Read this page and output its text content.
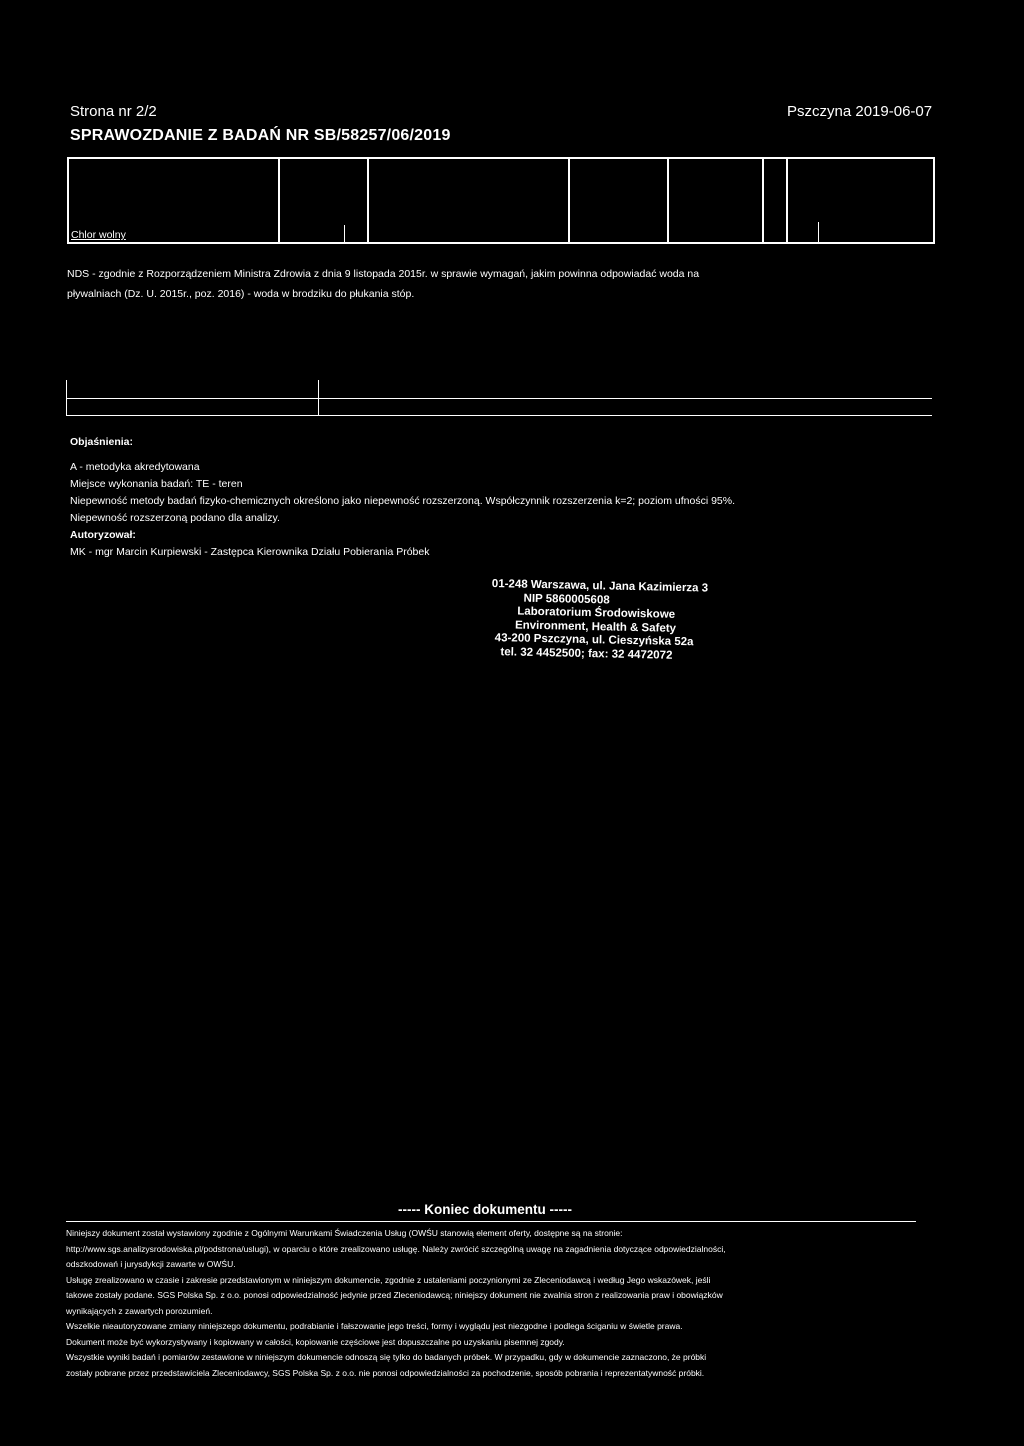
Strona nr 2/2	Pszczyna 2019-06-07
SPRAWOZDANIE Z BADAŃ NR SB/58257/06/2019
Chlor wolny
NDS - zgodnie z Rozporządzeniem Ministra Zdrowia z dnia 9 listopada 2015r. w sprawie wymagań, jakim powinna odpowiadać woda na
pływalniach (Dz. U. 2015r., poz. 2016) - woda w brodziku do płukania stóp.
Objaśnienia:
A - metodyka akredytowana
Miejsce wykonania badań: TE - teren
Niepewność metody badań fizyko-chemicznych określono jako niepewność rozszerzoną. Współczynnik rozszerzenia k=2; poziom ufności 95%.
Niepewność rozszerzoną podano dla analizy.
Autoryzował:
MK - mgr Marcin Kurpiewski - Zastępca Kierownika Działu Pobierania Próbek
01-248 Warszawa, ul. Jana Kazimierza 3
NIP 5860005608
Laboratorium Środowiskowe
Environment, Health & Safety
43-200 Pszczyna, ul. Cieszyńska 52a
tel. 32 4452500; fax: 32 4472072
----- Koniec dokumentu -----
Niniejszy dokument został wystawiony zgodnie z Ogólnymi Warunkami Świadczenia Usług (OWŚU stanowią element oferty, dostępne są na stronie:
http://www.sgs.analizysrodowiska.pl/podstrona/uslugi), w oparciu o które zrealizowano usługę. Należy zwrócić szczególną uwagę na zagadnienia dotyczące odpowiedzialności,
odszkodowań i jurysdykcji zawarte w OWŚU.
Usługę zrealizowano w czasie i zakresie przedstawionym w niniejszym dokumencie, zgodnie z ustaleniami poczynionymi ze Zleceniodawcą i według Jego wskazówek, jeśli
takowe zostały podane. SGS Polska Sp. z o.o. ponosi odpowiedzialność jedynie przed Zleceniodawcą; niniejszy dokument nie zwalnia stron z realizowania praw i obowiązków
wynikających z zawartych porozumień.
Wszelkie nieautoryzowane zmiany niniejszego dokumentu, podrabianie i fałszowanie jego treści, formy i wyglądu jest niezgodne i podlega ściganiu w świetle prawa.
Dokument może być wykorzystywany i kopiowany w całości, kopiowanie częściowe jest dopuszczalne po uzyskaniu pisemnej zgody.
Wszystkie wyniki badań i pomiarów zestawione w niniejszym dokumencie odnoszą się tylko do badanych próbek. W przypadku, gdy w dokumencie zaznaczono, że próbki
zostały pobrane przez przedstawiciela Zleceniodawcy, SGS Polska Sp. z o.o. nie ponosi odpowiedzialności za pochodzenie, sposób pobrania i reprezentatywność próbki.
